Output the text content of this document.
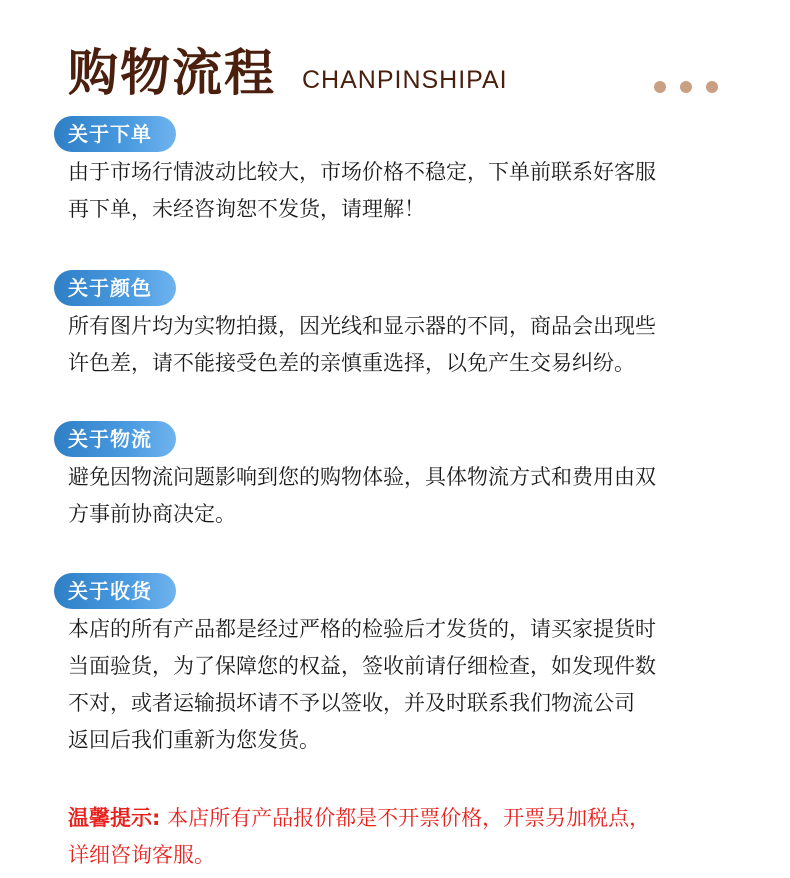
购物流程 CHANPINSHIPAI
关于下单
由于市场行情波动比较大，市场价格不稳定，下单前联系好客服
再下单，未经咨询恕不发货，请理解！
关于颜色
所有图片均为实物拍摄，因光线和显示器的不同，商品会出现些
许色差，请不能接受色差的亲慎重选择，以免产生交易纠纷。
关于物流
避免因物流问题影响到您的购物体验，具体物流方式和费用由双
方事前协商决定。
关于收货
本店的所有产品都是经过严格的检验后才发货的，请买家提货时
当面验货，为了保障您的权益，签收前请仔细检查，如发现件数
不对，或者运输损坏请不予以签收，并及时联系我们物流公司
返回后我们重新为您发货。
温馨提示: 本店所有产品报价都是不开票价格，开票另加税点，
详细咨询客服。
